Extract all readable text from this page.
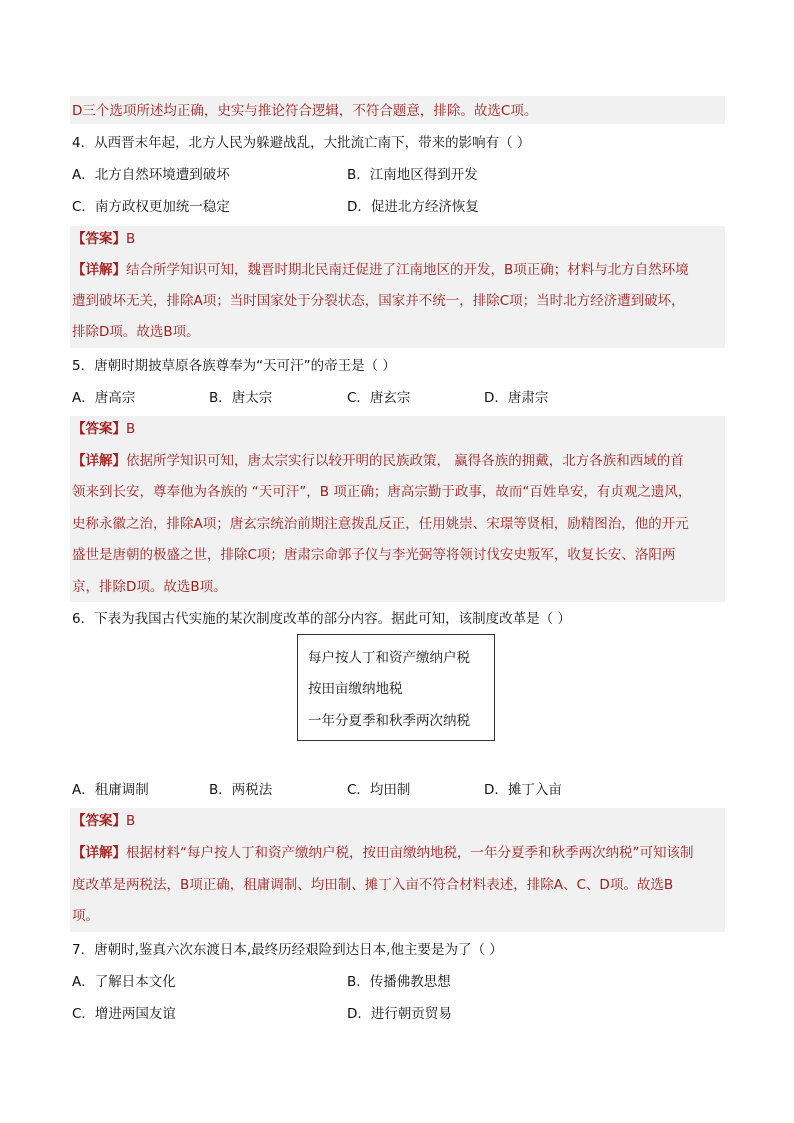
D三个选项所述均正确，史实与推论符合逻辑，不符合题意，排除。故选C项。
4．从西晋末年起，北方人民为躲避战乱，大批流亡南下，带来的影响有（ ）
A．北方自然环境遭到破坏	B．江南地区得到开发
C．南方政权更加统一稳定	D．促进北方经济恢复
【答案】B
【详解】结合所学知识可知，魏晋时期北民南迁促进了江南地区的开发，B项正确；材料与北方自然环境
遭到破坏无关，排除A项；当时国家处于分裂状态，国家并不统一，排除C项；当时北方经济遭到破坏，
排除D项。故选B项。
5．唐朝时期披草原各族尊奉为“天可汗”的帝王是（ ）
A．唐高宗	B．唐太宗	C．唐玄宗	D．唐肃宗
【答案】B
【详解】依据所学知识可知，唐太宗实行以较开明的民族政策， 赢得各族的拥戴，北方各族和西域的首
领来到长安，尊奉他为各族的 “天可汗”，B 项正确；唐高宗勤于政事，故而“百姓阜安，有贞观之遗风，
史称永徽之治，排除A项；唐玄宗统治前期注意拨乱反正，任用姚崇、宋璟等贤相，励精图治，他的开元
盛世是唐朝的极盛之世，排除C项；唐肃宗命郭子仪与李光弼等将领讨伐安史叛军，收复长安、洛阳两
京，排除D项。故选B项。
6．下表为我国古代实施的某次制度改革的部分内容。据此可知，该制度改革是（ ）
每户按人丁和资产缴纳户税
按田亩缴纳地税
一年分夏季和秋季两次纳税
A．租庸调制	B．两税法	C．均田制	D．摊丁入亩
【答案】B
【详解】根据材料“每户按人丁和资产缴纳户税，按田亩缴纳地税，一年分夏季和秋季两次纳税”可知该制
度改革是两税法，B项正确，租庸调制、均田制、摊丁入亩不符合材料表述，排除A、C、D项。故选B
项。
7．唐朝时,鉴真六次东渡日本,最终历经艰险到达日本,他主要是为了（ ）
A．了解日本文化	B．传播佛教思想
C．增进两国友谊	D．进行朝贡贸易
